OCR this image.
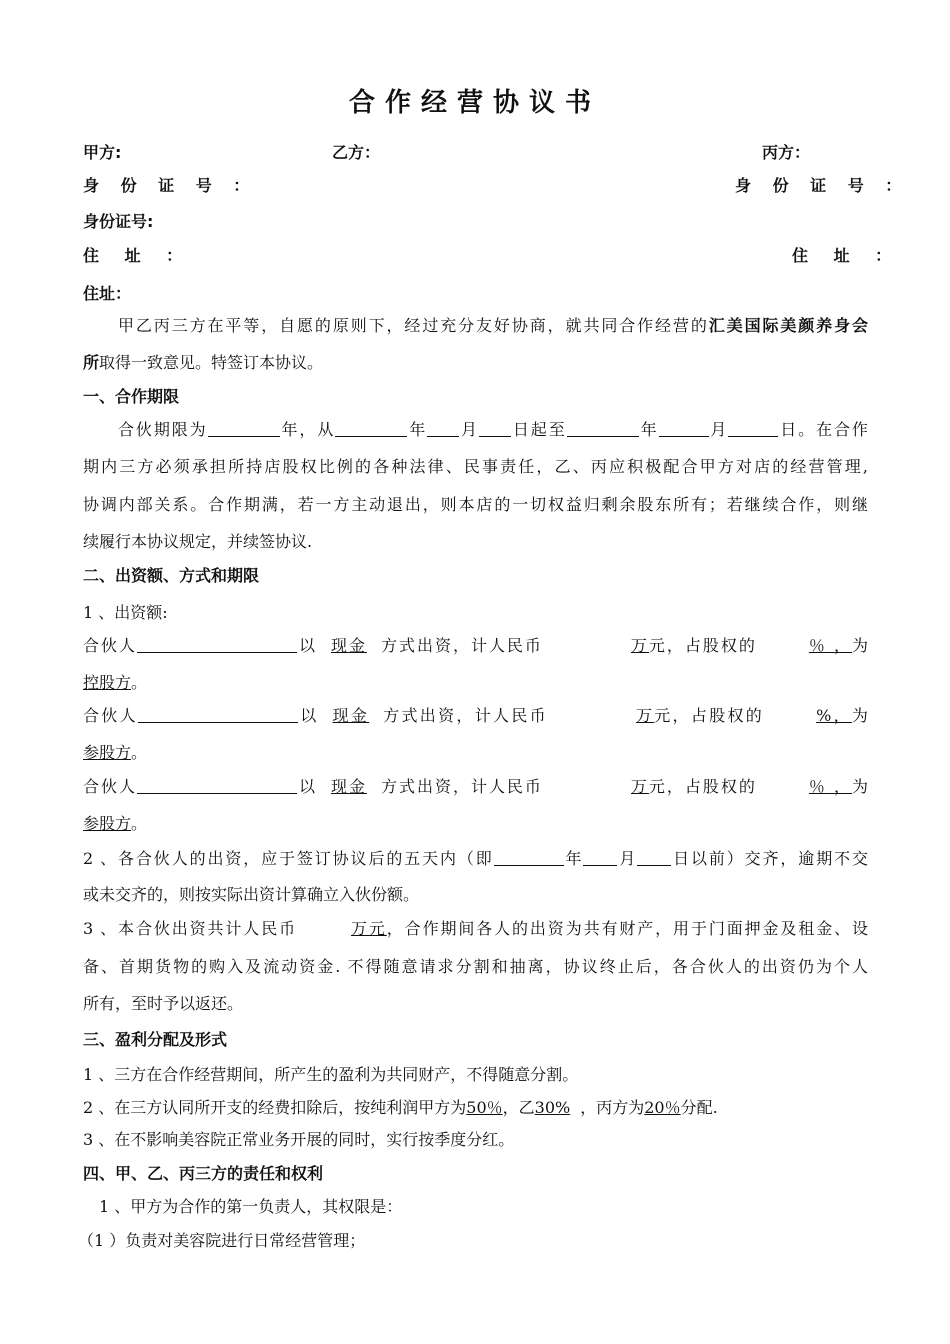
合作经营协议书
甲方:	乙方：	丙方：
身 份 证 号 ：	身 份 证 号 ：
身份证号:
住 址 ：	住 址 ：
住址：
甲乙丙三方在平等，自愿的原则下，经过充分友好协商，就共同合作经营的汇美国际美颜养身会
所取得一致意见。特签订本协议。
一、合作期限
合伙期限为	年，从	年 月 日起至	年	月	日。在合作
期内三方必须承担所持店股权比例的各种法律、民事责任，乙、丙应积极配合甲方对店的经营管理,
协调内部关系。合作期满，若一方主动退出，则本店的一切权益归剩余股东所有；若继续合作，则继
续履行本协议规定，并续签协议.
二、出资额、方式和期限
1 、出资额:
合伙人	以 现金 方式出资，计人民币	万元，占股权的	％ ，为
控股方。
合伙人	以 现金 方式出资，计人民币	万元，占股权的	%，为
参股方。
合伙人	以 现金 方式出资，计人民币	万元，占股权的	％ ，为
参股方。
2 、各合伙人的出资，应于签订协议后的五天内（即	年 月 日以前）交齐，逾期不交
或未交齐的，则按实际出资计算确立入伙份额。
3 、本合伙出资共计人民币	万元，合作期间各人的出资为共有财产，用于门面押金及租金、设
备、首期货物的购入及流动资金. 不得随意请求分割和抽离，协议终止后，各合伙人的出资仍为个人
所有，至时予以返还。
三、盈利分配及形式
1 、三方在合作经营期间，所产生的盈利为共同财产，不得随意分割。
2 、在三方认同所开支的经费扣除后，按纯利润甲方为50％，乙30% ，丙方为20％分配.
3 、在不影响美容院正常业务开展的同时，实行按季度分红。
四、甲、乙、丙三方的责任和权利
1 、甲方为合作的第一负责人，其权限是：
（1 ）负责对美容院进行日常经营管理；
